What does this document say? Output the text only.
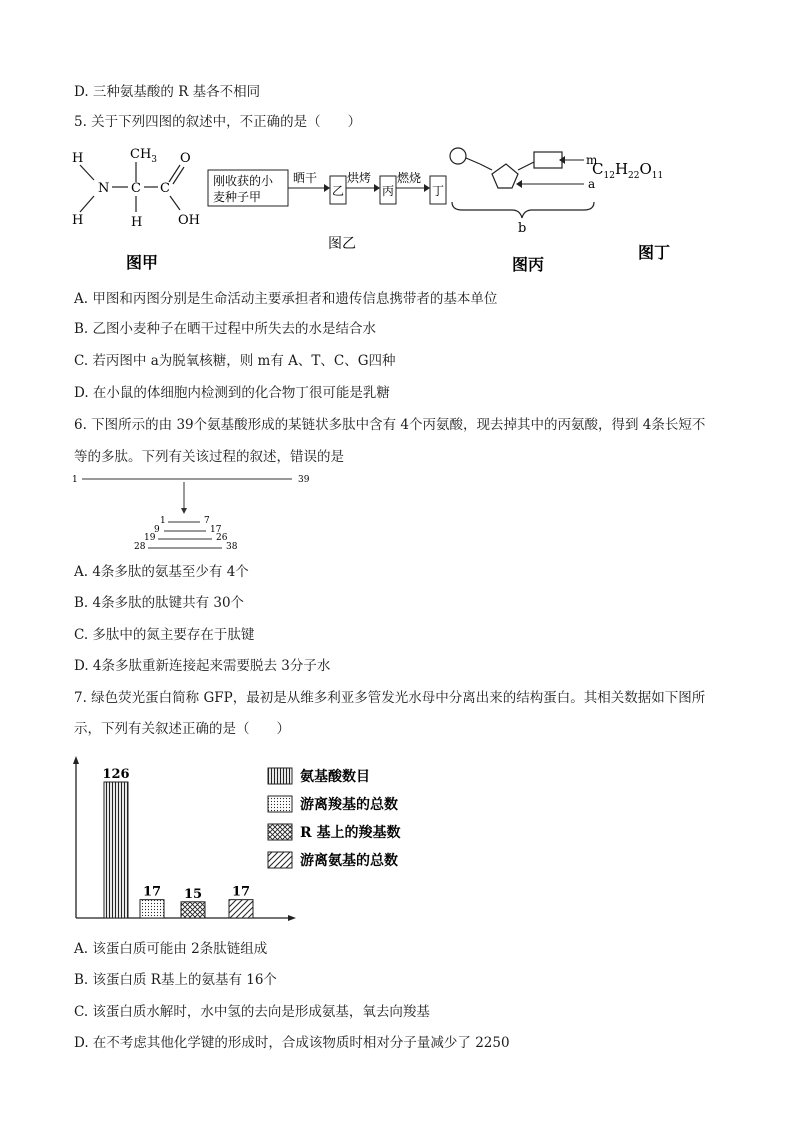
D. 三种氨基酸的 R 基各不相同
5. 关于下列四图的叙述中，不正确的是（　　）
H	$CH_3$ O
N C C
H	H	OH
图甲
刚收获的小
麦种子甲
晒干
乙
烘烤
丙
燃烧
丁
图乙
m
a
b
图丙
$C_{12}H_{22}O_{11}$
图丁
A. 甲图和丙图分别是生命活动主要承担者和遗传信息携带者的基本单位
B. 乙图小麦种子在晒干过程中所失去的水是结合水
C. 若丙图中 a为脱氧核糖，则 m有 A、T、C、G四种
D. 在小鼠的体细胞内检测到的化合物丁很可能是乳糖
6. 下图所示的由 39个氨基酸形成的某链状多肽中含有 4个丙氨酸，现去掉其中的丙氨酸，得到 4条长短不
等的多肽。下列有关该过程的叙述，错误的是
1	39
1	7
9	17
19	26
28	38
A. 4条多肽的氨基至少有 4个
B. 4条多肽的肽键共有 30个
C. 多肽中的氮主要存在于肽键
D. 4条多肽重新连接起来需要脱去 3分子水
7. 绿色荧光蛋白简称 GFP，最初是从维多利亚多管发光水母中分离出来的结构蛋白。其相关数据如下图所
示，下列有关叙述正确的是（　　）
126
17 15 17
氨基酸数目
游离羧基的总数
R 基上的羧基数
游离氨基的总数
A. 该蛋白质可能由 2条肽链组成
B. 该蛋白质 R基上的氨基有 16个
C. 该蛋白质水解时，水中氢的去向是形成氨基，氧去向羧基
D. 在不考虑其他化学键的形成时，合成该物质时相对分子量减少了 2250
